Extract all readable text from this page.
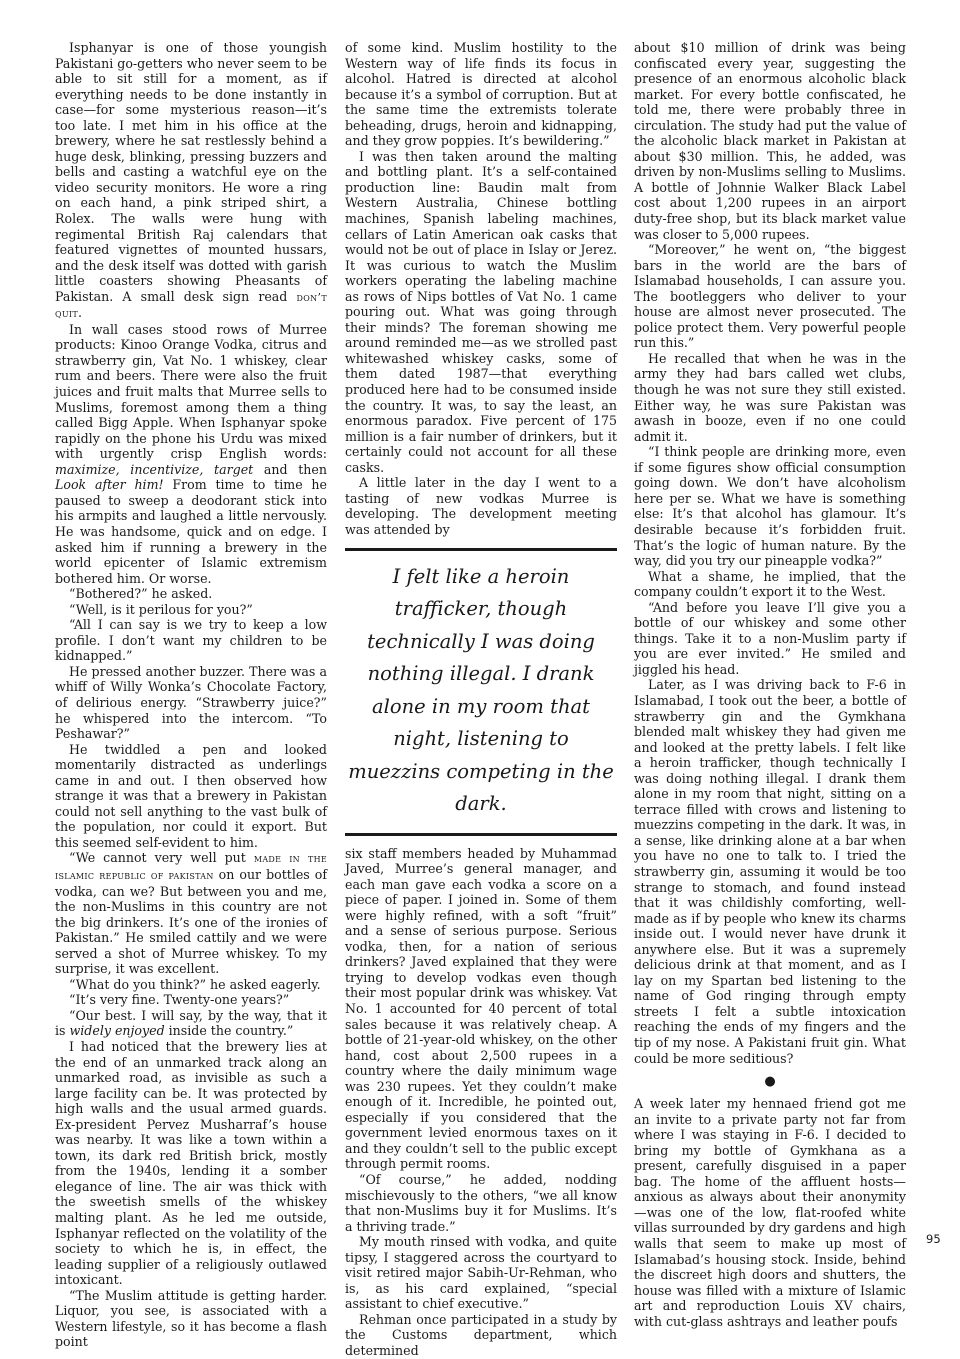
Isphanyar is one of those youngish Pakistani go-getters who never seem to be able to sit still for a moment, as if everything needs to be done instantly in case—for some mysterious reason—it’s too late. I met him in his office at the brewery, where he sat restlessly behind a huge desk, blinking, pressing buzzers and bells and casting a watchful eye on the video security monitors. He wore a ring on each hand, a pink striped shirt, a Rolex. The walls were hung with regimental British Raj calendars that featured vignettes of mounted hussars, and the desk itself was dotted with garish little coasters showing Pheasants of Pakistan. A small desk sign read don’t quit.

In wall cases stood rows of Murree products: Kinoo Orange Vodka, citrus and strawberry gin, Vat No. 1 whiskey, clear rum and beers. There were also the fruit juices and fruit malts that Murree sells to Muslims, foremost among them a thing called Bigg Apple. When Isphanyar spoke rapidly on the phone his Urdu was mixed with urgently crisp English words: maximize, incentivize, target and then Look after him! From time to time he paused to sweep a deodorant stick into his armpits and laughed a little nervously. He was handsome, quick and on edge. I asked him if running a brewery in the world epicenter of Islamic extremism bothered him. Or worse.

“Bothered?” he asked.

“Well, is it perilous for you?”

“All I can say is we try to keep a low profile. I don’t want my children to be kidnapped.”

He pressed another buzzer. There was a whiff of Willy Wonka’s Chocolate Factory, of delirious energy. “Strawberry juice?” he whispered into the intercom. “To Peshawar?”

He twiddled a pen and looked momentarily distracted as underlings came in and out. I then observed how strange it was that a brewery in Pakistan could not sell anything to the vast bulk of the population, nor could it export. But this seemed self-evident to him.

“We cannot very well put made in the islamic republic of pakistan on our bottles of vodka, can we? But between you and me, the non-Muslims in this country are not the big drinkers. It’s one of the ironies of Pakistan.” He smiled cattily and we were served a shot of Murree whiskey. To my surprise, it was excellent.

“What do you think?” he asked eagerly.

“It’s very fine. Twenty-one years?”

“Our best. I will say, by the way, that it is widely enjoyed inside the country.”

I had noticed that the brewery lies at the end of an unmarked track along an unmarked road, as invisible as such a large facility can be. It was protected by high walls and the usual armed guards. Ex-president Pervez Musharraf’s house was nearby. It was like a town within a town, its dark red British brick, mostly from the 1940s, lending it a somber elegance of line. The air was thick with the sweetish smells of the whiskey malting plant. As he led me outside, Isphanyar reflected on the volatility of the society to which he is, in effect, the leading supplier of a religiously outlawed intoxicant.

“The Muslim attitude is getting harder. Liquor, you see, is associated with a Western lifestyle, so it has become a flash point

of some kind. Muslim hostility to the Western way of life finds its focus in alcohol. Hatred is directed at alcohol because it’s a symbol of corruption. But at the same time the extremists tolerate beheading, drugs, heroin and kidnapping, and they grow poppies. It’s bewildering.”

I was then taken around the malting and bottling plant. It’s a self-contained production line: Baudin malt from Western Australia, Chinese bottling machines, Spanish labeling machines, cellars of Latin American oak casks that would not be out of place in Islay or Jerez. It was curious to watch the Muslim workers operating the labeling machine as rows of Nips bottles of Vat No. 1 came pouring out. What was going through their minds? The foreman showing me around reminded me—as we strolled past whitewashed whiskey casks, some of them dated 1987—that everything produced here had to be consumed inside the country. It was, to say the least, an enormous paradox. Five percent of 175 million is a fair number of drinkers, but it certainly could not account for all these casks.

A little later in the day I went to a tasting of new vodkas Murree is developing. The development meeting was attended by

I felt like a heroin trafficker, though technically I was doing nothing illegal. I drank alone in my room that night, listening to muezzins competing in the dark.

six staff members headed by Muhammad Javed, Murree’s general manager, and each man gave each vodka a score on a piece of paper. I joined in. Some of them were highly refined, with a soft “fruit” and a sense of serious purpose. Serious vodka, then, for a nation of serious drinkers? Javed explained that they were trying to develop vodkas even though their most popular drink was whiskey. Vat No. 1 accounted for 40 percent of total sales because it was relatively cheap. A bottle of 21-year-old whiskey, on the other hand, cost about 2,500 rupees in a country where the daily minimum wage was 230 rupees. Yet they couldn’t make enough of it. Incredible, he pointed out, especially if you considered that the government levied enormous taxes on it and they couldn’t sell to the public except through permit rooms.

“Of course,” he added, nodding mischievously to the others, “we all know that non-Muslims buy it for Muslims. It’s a thriving trade.”

My mouth rinsed with vodka, and quite tipsy, I staggered across the courtyard to visit retired major Sabih-Ur-Rehman, who is, as his card explained, “special assistant to chief executive.”

Rehman once participated in a study by the Customs department, which determined

about $10 million of drink was being confiscated every year, suggesting the presence of an enormous alcoholic black market. For every bottle confiscated, he told me, there were probably three in circulation. The study had put the value of the alcoholic black market in Pakistan at about $30 million. This, he added, was driven by non-Muslims selling to Muslims. A bottle of Johnnie Walker Black Label cost about 1,200 rupees in an airport duty-free shop, but its black market value was closer to 5,000 rupees.

“Moreover,” he went on, “the biggest bars in the world are the bars of Islamabad households, I can assure you. The bootleggers who deliver to your house are almost never prosecuted. The police protect them. Very powerful people run this.”

He recalled that when he was in the army they had bars called wet clubs, though he was not sure they still existed. Either way, he was sure Pakistan was awash in booze, even if no one could admit it.

“I think people are drinking more, even if some figures show official consumption going down. We don’t have alcoholism here per se. What we have is something else: It’s that alcohol has glamour. It’s desirable because it’s forbidden fruit. That’s the logic of human nature. By the way, did you try our pineapple vodka?”

What a shame, he implied, that the company couldn’t export it to the West.

“And before you leave I’ll give you a bottle of our whiskey and some other things. Take it to a non-Muslim party if you are ever invited.” He smiled and jiggled his head.

Later, as I was driving back to F-6 in Islamabad, I took out the beer, a bottle of strawberry gin and the Gymkhana blended malt whiskey they had given me and looked at the pretty labels. I felt like a heroin trafficker, though technically I was doing nothing illegal. I drank them alone in my room that night, sitting on a terrace filled with crows and listening to muezzins competing in the dark. It was, in a sense, like drinking alone at a bar when you have no one to talk to. I tried the strawberry gin, assuming it would be too strange to stomach, and found instead that it was childishly comforting, well-made as if by people who knew its charms inside out. I would never have drunk it anywhere else. But it was a supremely delicious drink at that moment, and as I lay on my Spartan bed listening to the name of God ringing through empty streets I felt a subtle intoxication reaching the ends of my fingers and the tip of my nose. A Pakistani fruit gin. What could be more seditious?

●

A week later my hennaed friend got me an invite to a private party not far from where I was staying in F-6. I decided to bring my bottle of Gymkhana as a present, carefully disguised in a paper bag. The home of the affluent hosts—anxious as always about their anonymity—was one of the low, flat-roofed white villas surrounded by dry gardens and high walls that seem to make up most of Islamabad’s housing stock. Inside, behind the discreet high doors and shutters, the house was filled with a mixture of Islamic art and reproduction Louis XV chairs, with cut-glass ashtrays and leather poufs

95
